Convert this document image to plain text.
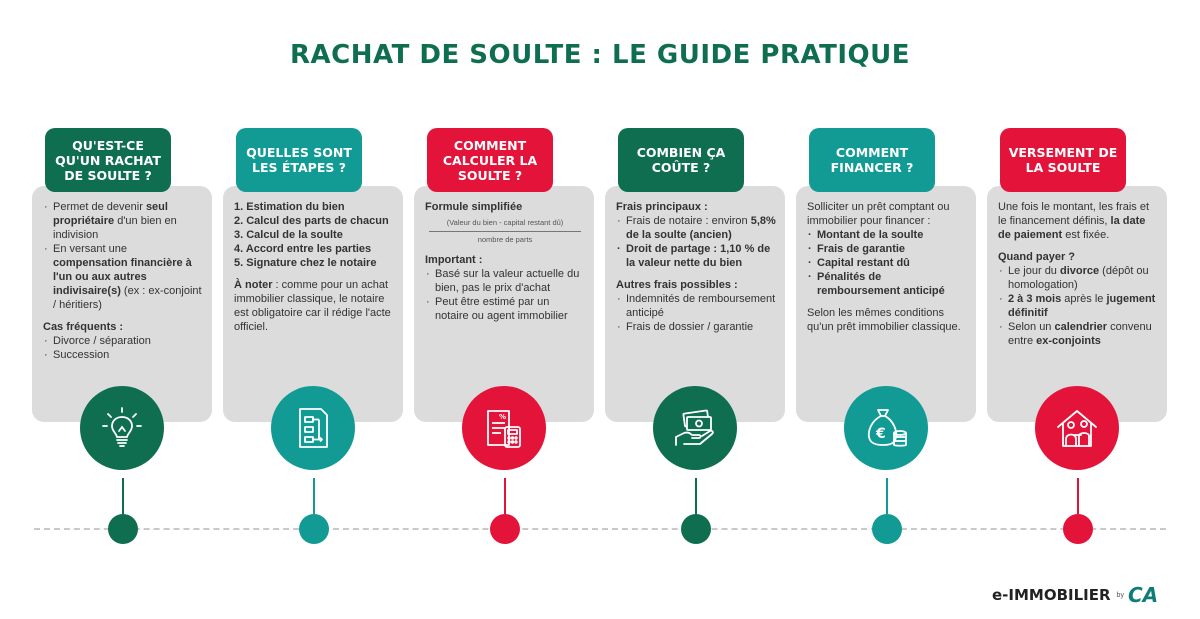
RACHAT DE SOULTE : LE GUIDE PRATIQUE
QU'EST-CE QU'UN RACHAT DE SOULTE ?
· Permet de devenir seul propriétaire d'un bien en indivision
· En versant une compensation financière à l'un ou aux autres indivisaire(s) (ex : ex-conjoint / héritiers)
Cas fréquents :
· Divorce / séparation
· Succession
QUELLES SONT LES ÉTAPES ?
1. Estimation du bien
2. Calcul des parts de chacun
3. Calcul de la soulte
4. Accord entre les parties
5. Signature chez le notaire
À noter : comme pour un achat immobilier classique, le notaire est obligatoire car il rédige l'acte officiel.
COMMENT CALCULER LA SOULTE ?
Formule simplifiée
(Valeur du bien - capital restant dû)
nombre de parts
Important :
· Basé sur la valeur actuelle du bien, pas le prix d'achat
· Peut être estimé par un notaire ou agent immobilier
%
COMBIEN ÇA COÛTE ?
Frais principaux :
· Frais de notaire : environ 5,8% de la soulte (ancien)
· Droit de partage : 1,10 % de la valeur nette du bien
Autres frais possibles :
· Indemnités de remboursement anticipé
· Frais de dossier / garantie
COMMENT FINANCER ?
Solliciter un prêt comptant ou immobilier pour financer :
· Montant de la soulte
· Frais de garantie
· Capital restant dû
· Pénalités de remboursement anticipé
Selon les mêmes conditions qu'un prêt immobilier classique.
€
VERSEMENT DE LA SOULTE
Une fois le montant, les frais et le financement définis, la date de paiement est fixée.
Quand payer ?
· Le jour du divorce (dépôt ou homologation)
· 2 à 3 mois après le jugement définitif
· Selon un calendrier convenu entre ex-conjoints
e-IMMOBILIER by CA
